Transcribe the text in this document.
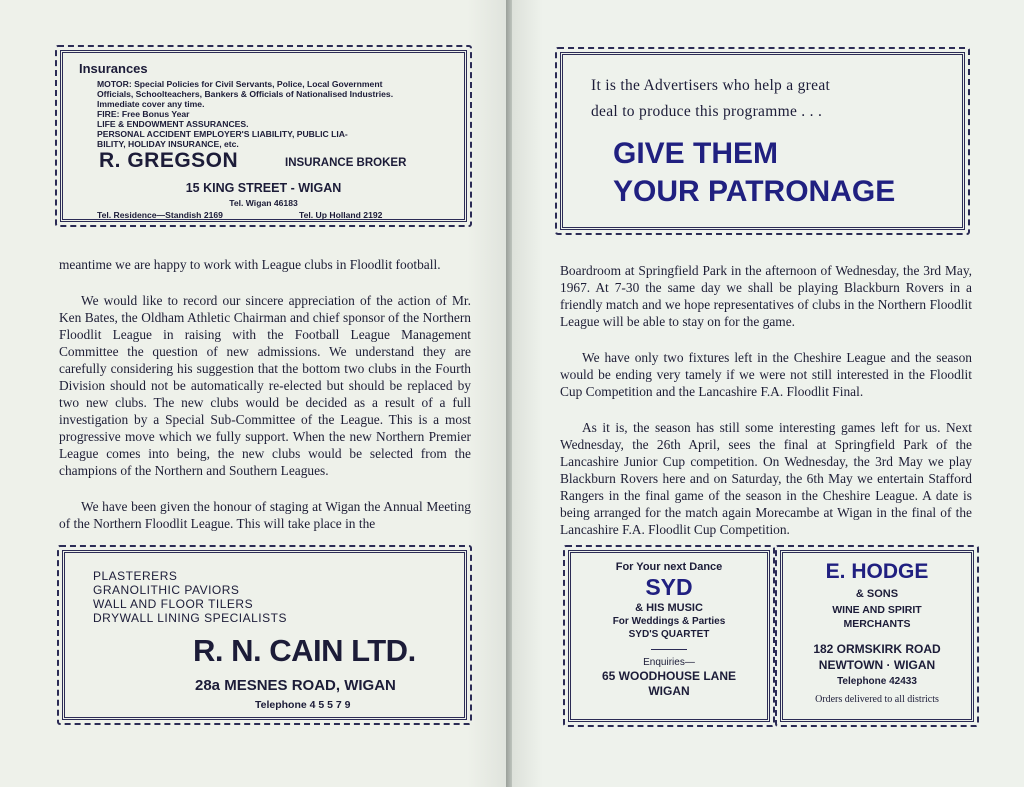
Insurances
MOTOR: Special Policies for Civil Servants, Police, Local Government
Officials, Schoolteachers, Bankers & Officials of Nationalised Industries.
Immediate cover any time.
FIRE: Free Bonus Year
LIFE & ENDOWMENT ASSURANCES.
PERSONAL ACCIDENT EMPLOYER'S LIABILITY, PUBLIC LIA-
BILITY, HOLIDAY INSURANCE, etc.
R. GREGSON	INSURANCE BROKER
15 KING STREET - WIGAN
Tel. Wigan 46183
Tel. Residence—Standish 2169	Tel. Up Holland 2192

meantime we are happy to work with League clubs in Floodlit football.

We would like to record our sincere appreciation of the action of Mr. Ken Bates, the Oldham Athletic Chairman and chief sponsor of the Northern Floodlit League in raising with the Football League Management Committee the question of new admissions. We understand they are carefully considering his suggestion that the bottom two clubs in the Fourth Division should not be automatically re-elected but should be replaced by two new clubs. The new clubs would be decided as a result of a full investigation by a Special Sub-Committee of the League. This is a most progressive move which we fully support. When the new Northern Premier League comes into being, the new clubs would be selected from the champions of the Northern and Southern Leagues.

We have been given the honour of staging at Wigan the Annual Meeting of the Northern Floodlit League. This will take place in the

PLASTERERS
GRANOLITHIC PAVIORS
WALL AND FLOOR TILERS
DRYWALL LINING SPECIALISTS
R. N. CAIN LTD.
28a MESNES ROAD, WIGAN
Telephone 4 5 5 7 9
It is the Advertisers who help a great
deal to produce this programme . . .
GIVE THEM
YOUR PATRONAGE

Boardroom at Springfield Park in the afternoon of Wednesday, the 3rd May, 1967. At 7-30 the same day we shall be playing Blackburn Rovers in a friendly match and we hope representatives of clubs in the Northern Floodlit League will be able to stay on for the game.

We have only two fixtures left in the Cheshire League and the season would be ending very tamely if we were not still interested in the Floodlit Cup Competition and the Lancashire F.A. Floodlit Final.

As it is, the season has still some interesting games left for us. Next Wednesday, the 26th April, sees the final at Springfield Park of the Lancashire Junior Cup competition. On Wednesday, the 3rd May we play Blackburn Rovers here and on Saturday, the 6th May we entertain Stafford Rangers in the final game of the season in the Cheshire League. A date is being arranged for the match again Morecambe at Wigan in the final of the Lancashire F.A. Floodlit Cup Competition.

For Your next Dance
SYD
& HIS MUSIC
For Weddings & Parties
SYD'S QUARTET
Enquiries—
65 WOODHOUSE LANE
WIGAN
E. HODGE
& SONS
WINE AND SPIRIT
MERCHANTS
182 ORMSKIRK ROAD
NEWTOWN · WIGAN
Telephone 42433
Orders delivered to all districts
